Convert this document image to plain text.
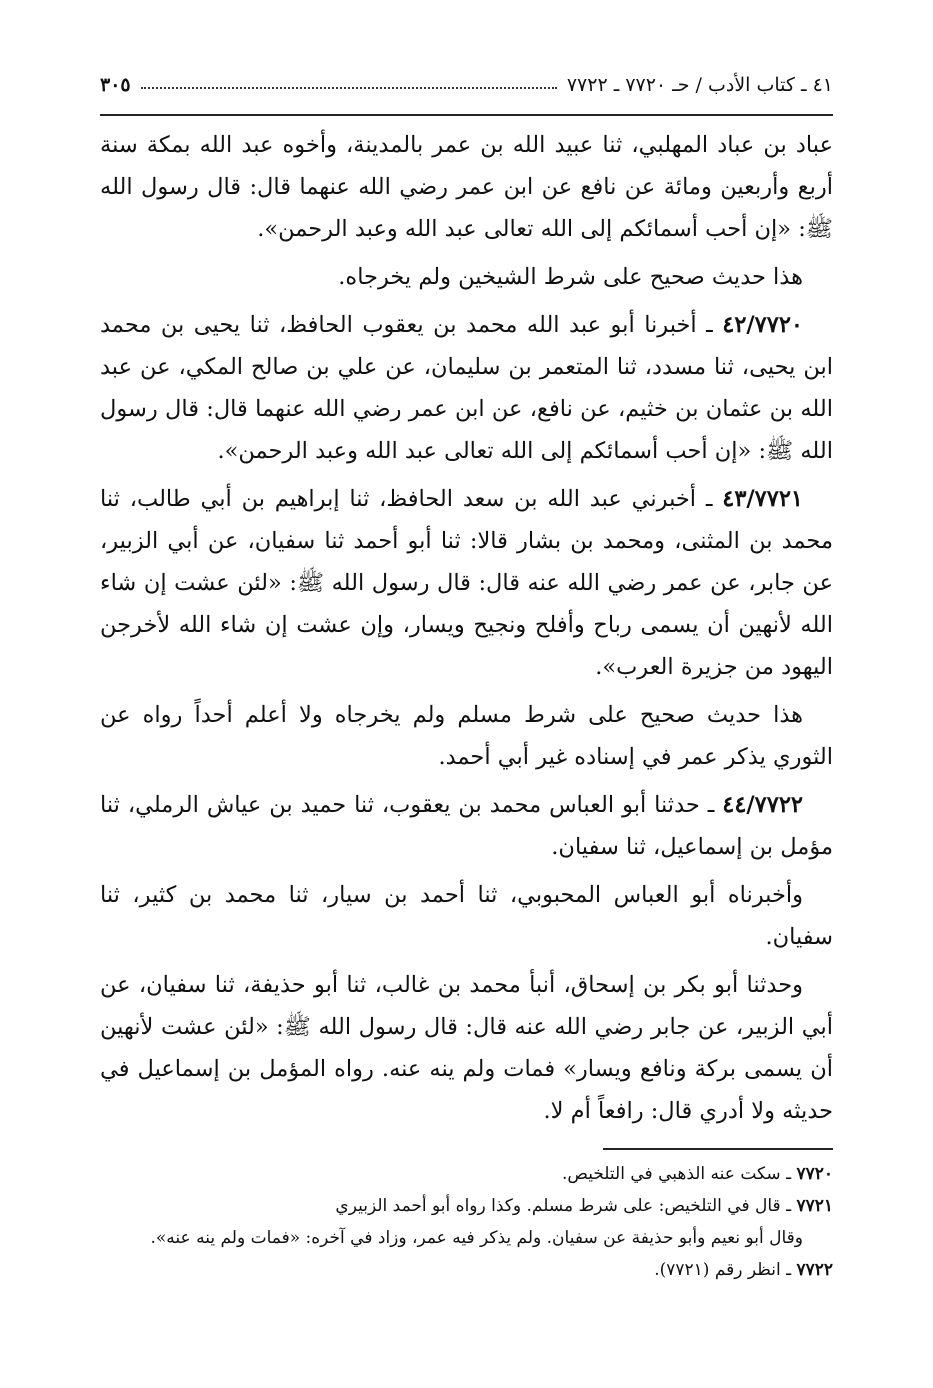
٤١ ـ كتاب الأدب / حـ ٧٧٢٠ ـ ٧٧٢٢
٣٠٥

عباد بن عباد المهلبي، ثنا عبيد الله بن عمر بالمدينة، وأخوه عبد الله بمكة سنة أربع وأربعين ومائة عن نافع عن ابن عمر رضي الله عنهما قال: قال رسول الله ﷺ: «إن أحب أسمائكم إلى الله تعالى عبد الله وعبد الرحمن».

هذا حديث صحيح على شرط الشيخين ولم يخرجاه.

٤٢/٧٧٢٠ ـ أخبرنا أبو عبد الله محمد بن يعقوب الحافظ، ثنا يحيى بن محمد ابن يحيى، ثنا مسدد، ثنا المتعمر بن سليمان، عن علي بن صالح المكي، عن عبد الله بن عثمان بن خثيم، عن نافع، عن ابن عمر رضي الله عنهما قال: قال رسول الله ﷺ: «إن أحب أسمائكم إلى الله تعالى عبد الله وعبد الرحمن».

٤٣/٧٧٢١ ـ أخبرني عبد الله بن سعد الحافظ، ثنا إبراهيم بن أبي طالب، ثنا محمد بن المثنى، ومحمد بن بشار قالا: ثنا أبو أحمد ثنا سفيان، عن أبي الزبير، عن جابر، عن عمر رضي الله عنه قال: قال رسول الله ﷺ: «لئن عشت إن شاء الله لأنهين أن يسمى رباح وأفلح ونجيح ويسار، وإن عشت إن شاء الله لأخرجن اليهود من جزيرة العرب».

هذا حديث صحيح على شرط مسلم ولم يخرجاه ولا أعلم أحداً رواه عن الثوري يذكر عمر في إسناده غير أبي أحمد.

٤٤/٧٧٢٢ ـ حدثنا أبو العباس محمد بن يعقوب، ثنا حميد بن عياش الرملي، ثنا مؤمل بن إسماعيل، ثنا سفيان.

وأخبرناه أبو العباس المحبوبي، ثنا أحمد بن سيار، ثنا محمد بن كثير، ثنا سفيان.

وحدثنا أبو بكر بن إسحاق، أنبأ محمد بن غالب، ثنا أبو حذيفة، ثنا سفيان، عن أبي الزبير، عن جابر رضي الله عنه قال: قال رسول الله ﷺ: «لئن عشت لأنهين أن يسمى بركة ونافع ويسار» فمات ولم ينه عنه. رواه المؤمل بن إسماعيل في حديثه ولا أدري قال: رافعاً أم لا.

٧٧٢٠ ـ سكت عنه الذهبي في التلخيص.

٧٧٢١ ـ قال في التلخيص: على شرط مسلم. وكذا رواه أبو أحمد الزبيري

وقال أبو نعيم وأبو حذيفة عن سفيان. ولم يذكر فيه عمر، وزاد في آخره: «فمات ولم ينه عنه».

٧٧٢٢ ـ انظر رقم (٧٧٢١).
